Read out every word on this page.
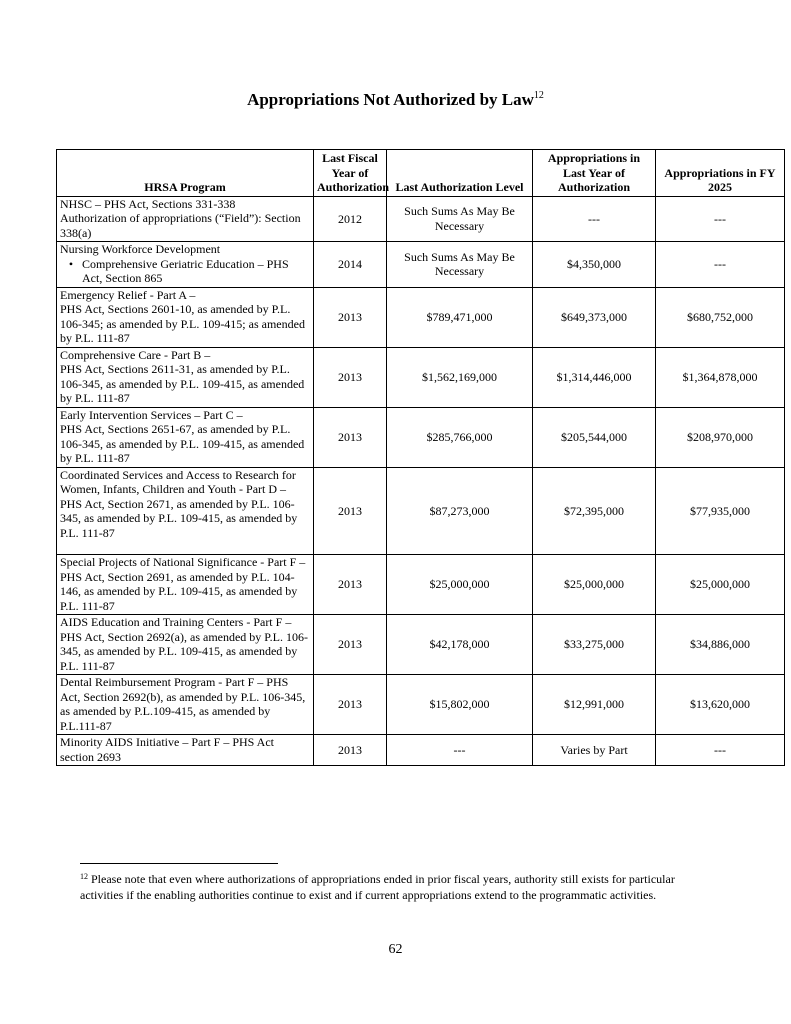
Appropriations Not Authorized by Law$^{12}$
HRSA Program	Last Fiscal Year of Authorization	Last Authorization Level	Appropriations in Last Year of Authorization	Appropriations in FY 2025

NHSC – PHS Act, Sections 331-338
Authorization of appropriations (“Field”): Section 338(a)	2012	Such Sums As May Be Necessary	---	---

Nursing Workforce Development
• Comprehensive Geriatric Education – PHS Act, Section 865	2014	Such Sums As May Be Necessary	$4,350,000	---

Emergency Relief - Part A –
PHS Act, Sections 2601-10, as amended by P.L. 106-345; as amended by P.L. 109-415; as amended by P.L. 111-87	2013	$789,471,000	$649,373,000	$680,752,000

Comprehensive Care - Part B –
PHS Act, Sections 2611-31, as amended by P.L. 106-345, as amended by P.L. 109-415, as amended by P.L. 111-87	2013	$1,562,169,000	$1,314,446,000	$1,364,878,000

Early Intervention Services – Part C –
PHS Act, Sections 2651-67, as amended by P.L. 106-345, as amended by P.L. 109-415, as amended by P.L. 111-87	2013	$285,766,000	$205,544,000	$208,970,000

Coordinated Services and Access to Research for Women, Infants, Children and Youth - Part D –
PHS Act, Section 2671, as amended by P.L. 106-345, as amended by P.L. 109-415, as amended by P.L. 111-87	2013	$87,273,000	$72,395,000	$77,935,000

Special Projects of National Significance - Part F –
PHS Act, Section 2691, as amended by P.L. 104-146, as amended by P.L. 109-415, as amended by P.L. 111-87	2013	$25,000,000	$25,000,000	$25,000,000

AIDS Education and Training Centers - Part F – PHS Act, Section 2692(a), as amended by P.L. 106-345, as amended by P.L. 109-415, as amended by P.L. 111-87	2013	$42,178,000	$33,275,000	$34,886,000

Dental Reimbursement Program - Part F – PHS Act, Section 2692(b), as amended by P.L. 106-345, as amended by P.L.109-415, as amended by P.L.111-87	2013	$15,802,000	$12,991,000	$13,620,000

Minority AIDS Initiative – Part F – PHS Act section 2693	2013	---	Varies by Part	---
$^{12}$ Please note that even where authorizations of appropriations ended in prior fiscal years, authority still exists for particular activities if the enabling authorities continue to exist and if current appropriations extend to the programmatic activities.
62
